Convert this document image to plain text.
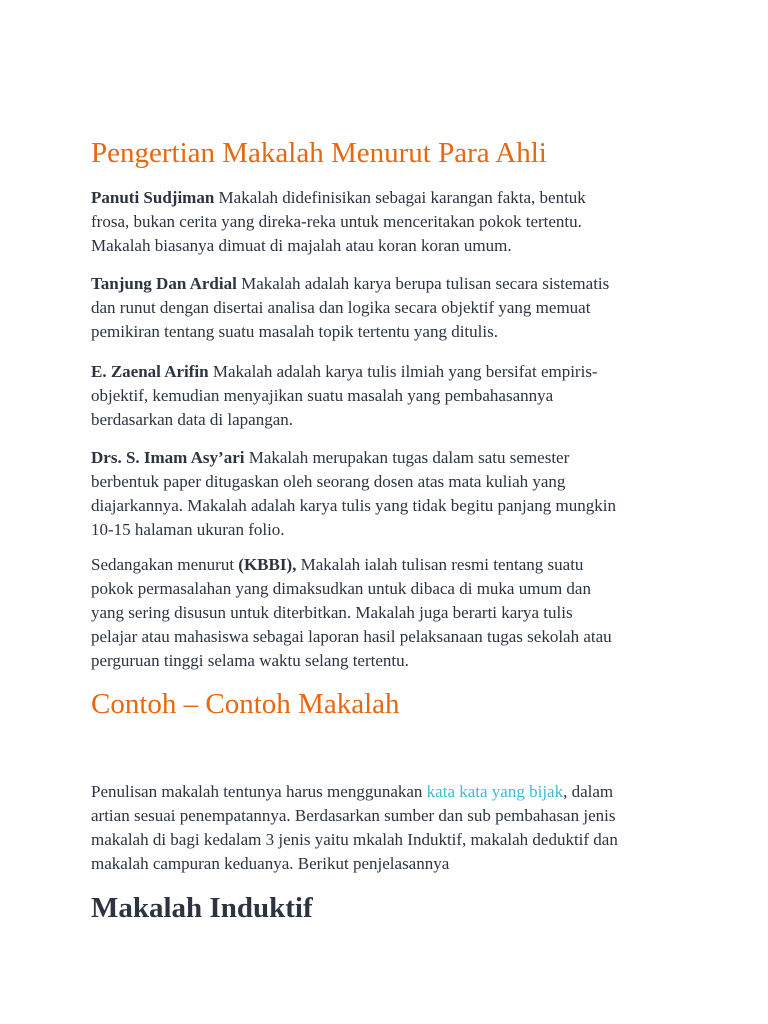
Pengertian Makalah Menurut Para Ahli

Panuti Sudjiman Makalah didefinisikan sebagai karangan fakta, bentuk
frosa, bukan cerita yang direka-reka untuk menceritakan pokok tertentu.
Makalah biasanya dimuat di majalah atau koran koran umum.

Tanjung Dan Ardial Makalah adalah karya berupa tulisan secara sistematis
dan runut dengan disertai analisa dan logika secara objektif yang memuat
pemikiran tentang suatu masalah topik tertentu yang ditulis.

E. Zaenal Arifin Makalah adalah karya tulis ilmiah yang bersifat empiris-
objektif, kemudian menyajikan suatu masalah yang pembahasannya
berdasarkan data di lapangan.

Drs. S. Imam Asy’ari Makalah merupakan tugas dalam satu semester
berbentuk paper ditugaskan oleh seorang dosen atas mata kuliah yang
diajarkannya. Makalah adalah karya tulis yang tidak begitu panjang mungkin
10-15 halaman ukuran folio.

Sedangakan menurut (KBBI), Makalah ialah tulisan resmi tentang suatu
pokok permasalahan yang dimaksudkan untuk dibaca di muka umum dan
yang sering disusun untuk diterbitkan. Makalah juga berarti karya tulis
pelajar atau mahasiswa sebagai laporan hasil pelaksanaan tugas sekolah atau
perguruan tinggi selama waktu selang tertentu.

Contoh – Contoh Makalah

Penulisan makalah tentunya harus menggunakan kata kata yang bijak, dalam
artian sesuai penempatannya. Berdasarkan sumber dan sub pembahasan jenis
makalah di bagi kedalam 3 jenis yaitu mkalah Induktif, makalah deduktif dan
makalah campuran keduanya. Berikut penjelasannya

Makalah Induktif
